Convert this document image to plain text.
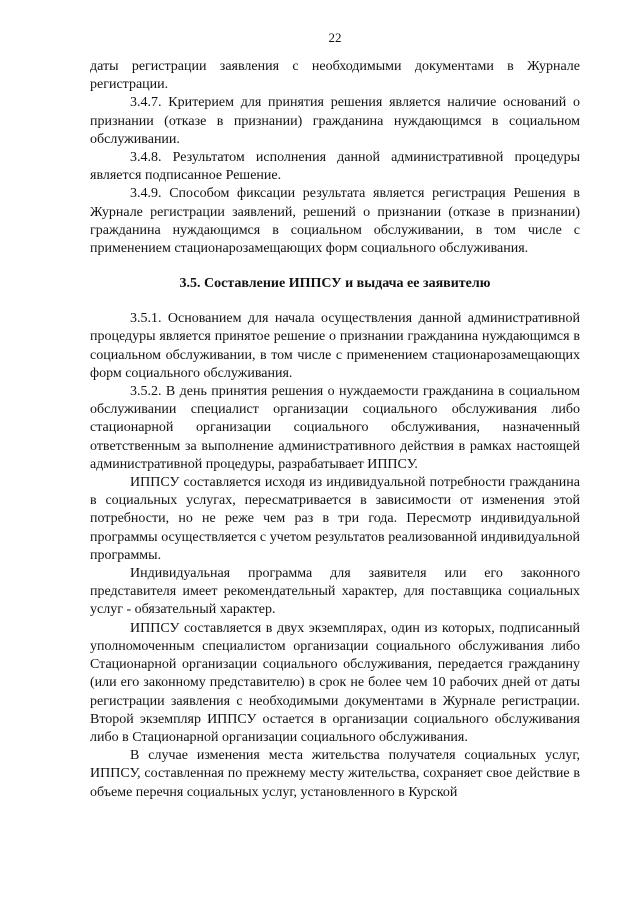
22

даты регистрации заявления с необходимыми документами в Журнале регистрации.

3.4.7. Критерием для принятия решения является наличие оснований о признании (отказе в признании) гражданина нуждающимся в социальном обслуживании.

3.4.8. Результатом исполнения данной административной процедуры является подписанное Решение.

3.4.9. Способом фиксации результата является регистрация Решения в Журнале регистрации заявлений, решений о признании (отказе в признании) гражданина нуждающимся в социальном обслуживании, в том числе с применением стационарозамещающих форм социального обслуживания.

3.5. Составление ИППСУ и выдача ее заявителю

3.5.1. Основанием для начала осуществления данной административной процедуры является принятое решение о признании гражданина нуждающимся в социальном обслуживании, в том числе с применением стационарозамещающих форм социального обслуживания.

3.5.2. В день принятия решения о нуждаемости гражданина в социальном обслуживании специалист организации социального обслуживания либо стационарной организации социального обслуживания, назначенный ответственным за выполнение административного действия в рамках настоящей административной процедуры, разрабатывает ИППСУ.

ИППСУ составляется исходя из индивидуальной потребности гражданина в социальных услугах, пересматривается в зависимости от изменения этой потребности, но не реже чем раз в три года. Пересмотр индивидуальной программы осуществляется с учетом результатов реализованной индивидуальной программы.

Индивидуальная программа для заявителя или его законного представителя имеет рекомендательный характер, для поставщика социальных услуг - обязательный характер.

ИППСУ составляется в двух экземплярах, один из которых, подписанный уполномоченным специалистом организации социального обслуживания либо Стационарной организации социального обслуживания, передается гражданину (или его законному представителю) в срок не более чем 10 рабочих дней от даты регистрации заявления с необходимыми документами в Журнале регистрации. Второй экземпляр ИППСУ остается в организации социального обслуживания либо в Стационарной организации социального обслуживания.

В случае изменения места жительства получателя социальных услуг, ИППСУ, составленная по прежнему месту жительства, сохраняет свое действие в объеме перечня социальных услуг, установленного в Курской
